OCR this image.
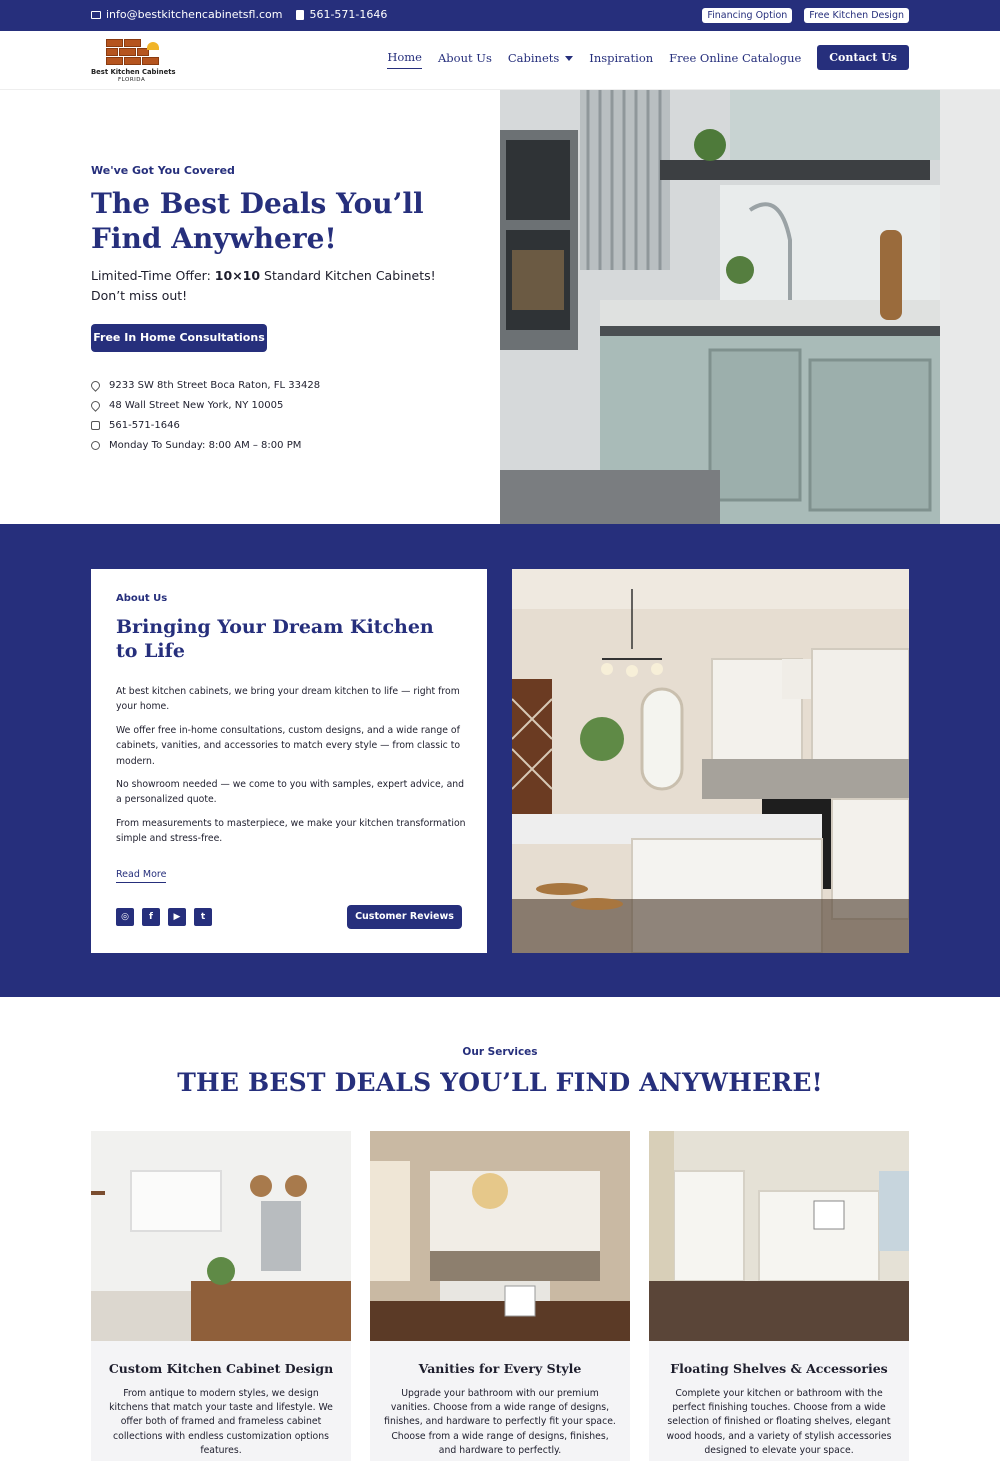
info@bestkitchencabinetsfl.com	561-571-1646	Financing Option	Free Kitchen Design
Best Kitchen Cabinets
FLORIDA
Home About Us Cabinets	Inspiration Free Online Catalogue	Contact Us
We've Got You Covered
The Best Deals You’ll Find Anywhere!
Limited-Time Offer: 10×10 Standard Kitchen Cabinets! Don’t miss out!
Free In Home Consultations
9233 SW 8th Street Boca Raton, FL 33428
48 Wall Street New York, NY 10005
561-571-1646
Monday To Sunday: 8:00 AM – 8:00 PM
About Us
Bringing Your Dream Kitchen to Life

At best kitchen cabinets, we bring your dream kitchen to life — right from your home.

We offer free in-home consultations, custom designs, and a wide range of cabinets, vanities, and accessories to match every style — from classic to modern.

No showroom needed — we come to you with samples, expert advice, and a personalized quote.

Read More
◎	f	▶	t	Customer Reviews

From measurements to masterpiece, we make your kitchen transformation simple and stress-free.

Our Services
THE BEST DEALS YOU’LL FIND ANYWHERE!
Custom Kitchen Cabinet Design

From antique to modern styles, we design kitchens that match your taste and lifestyle. We offer both of framed and frameless cabinet collections with endless customization options features.

Vanities for Every Style

Upgrade your bathroom with our premium vanities. Choose from a wide range of designs, finishes, and hardware to perfectly fit your space. Choose from a wide range of designs, finishes, and hardware to perfectly.

Floating Shelves & Accessories

Complete your kitchen or bathroom with the perfect finishing touches. Choose from a wide selection of finished or floating shelves, elegant wood hoods, and a variety of stylish accessories designed to elevate your space.
